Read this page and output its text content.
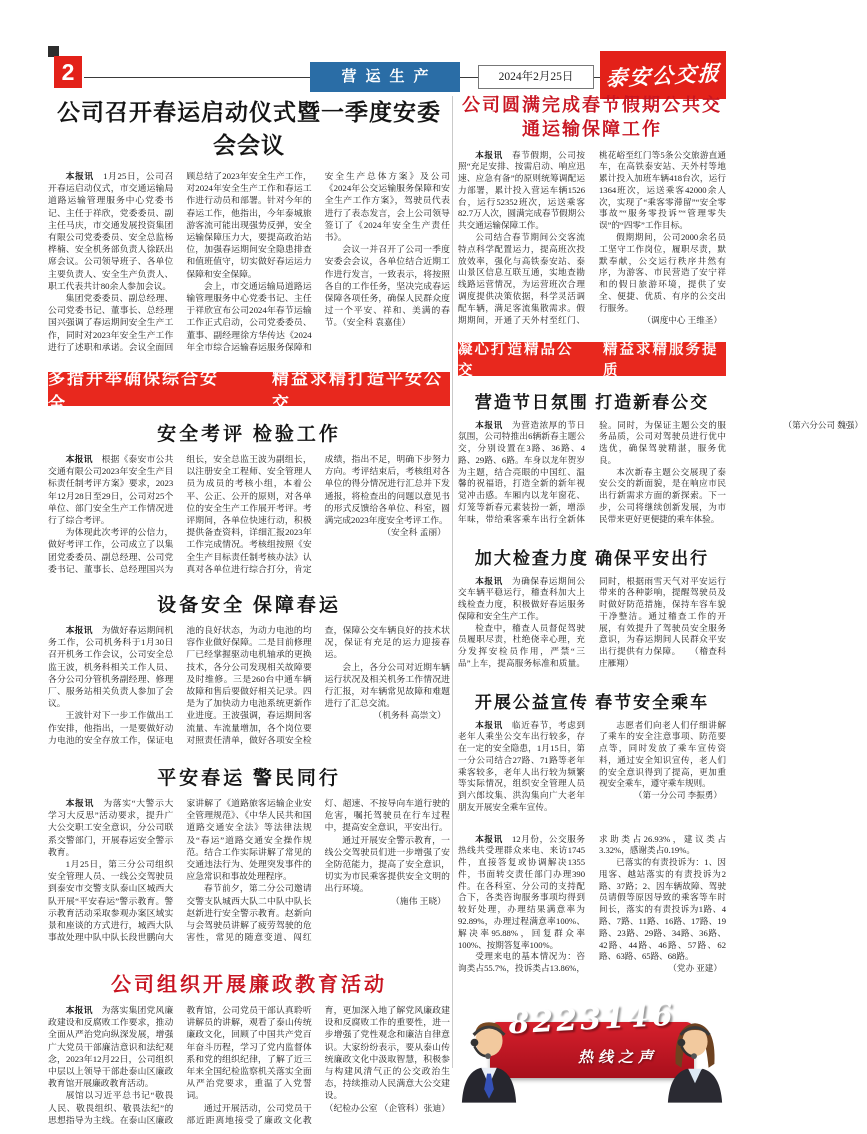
2	营运生产	2024年2月25日	泰安公交报
公司召开春运启动仪式暨一季度安委会会议

本报讯　1月25日，公司召开春运启动仪式，市交通运输局道路运输管理服务中心党委书记、主任于祥欣，党委委员、副主任马庆，市交通发展投资集团有限公司党委委员、安全总监杨桦楠、安全机务部负责人徐跃出席会议。公司领导班子、各单位主要负责人、安全生产负责人、职工代表共计80余人参加会议。

集团党委委员、副总经理、公司党委书记、董事长、总经理国兴强调了春运期间安全生产工作，同时对2023年安全生产工作进行了述职和承诺。会议全面回顾总结了2023年安全生产工作，对2024年安全生产工作和春运工作进行动员和部署。针对今年的春运工作，他指出，今年泰城旅游客流可能出现强势反弹，安全运输保障压力大，要提高政治站位，加强春运期间安全隐患排查和值班值守，切实做好春运运力保障和安全保障。

会上，市交通运输局道路运输管理服务中心党委书记、主任于祥欣宣布公司2024年春节运输工作正式启动，公司党委委员、董事、副经理徐方华传达《2024年全市综合运输春运服务保障和安全生产总体方案》及公司《2024年公交运输服务保障和安全生产工作方案》，驾驶员代表进行了表态发言，会上公司领导签订了《2024年安全生产责任书》。

会议一并召开了公司一季度安委会会议，各单位结合近期工作进行发言，一致表示，将按照各自的工作任务，坚决完成春运保障各项任务，确保人民群众度过一个平安、祥和、美满的春节。（安全科 袁嘉佳）

多措并举确保综合安全
精益求精打造平安公交
安全考评 检验工作

本报讯　根据《泰安市公共交通有限公司2023年安全生产目标责任制考评方案》要求，2023年12月28日至29日，公司对25个单位、部门安全生产工作情况进行了综合考评。

为体现此次考评的公信力，做好考评工作，公司成立了以集团党委委员、副总经理、公司党委书记、董事长、总经理国兴为组长，安全总监王波为副组长，以注册安全工程师、安全管理人员为成员的考核小组，本着公平、公正、公开的原则，对各单位的安全生产工作展开考评。考评期间，各单位快速行动，积极提供备查资料，详细汇报2023年工作完成情况。考核组按照《安全生产目标责任制考核办法》认真对各单位进行综合打分，肯定成绩，指出不足，明确下步努力方向。考评结束后，考核组对各单位的得分情况进行汇总并下发通报，将检查出的问题以意见书的形式反馈给各单位、科室，圆满完成2023年度安全考评工作。

（安全科 孟丽）

设备安全 保障春运

本报讯　为做好春运期间机务工作，公司机务科于1月30日召开机务工作会议，公司安全总监王波，机务科相关工作人员、各分公司分管机务副经理、修理厂、服务站相关负责人参加了会议。

王波针对下一步工作做出工作安排，他指出，一是要做好动力电池的安全存放工作，保证电池的良好状态，为动力电池的均容作业做好保障。二是目前修理厂已经掌握驱动电机轴承的更换技术，各分公司发现相关故障要及时维修。三是260台中通车辆故障和售后要做好相关记录。四是为了加快动力电池系统更新作业进度。王波强调，春运期间客流量、车流量增加，各个岗位要对照责任清单，做好各项安全检查，保障公交车辆良好的技术状况，保证有充足的运力迎接春运。

会上，各分公司对近期车辆运行状况及相关机务工作情况进行汇报，对车辆常见故障和难题进行了汇总交流。

（机务科 高崇文）

平安春运 警民同行

本报讯　为落实“大警示大学习大反思”活动要求，提升广大公交职工安全意识，分公司联系交警部门，开展春运安全警示教育。

1月25日，第三分公司组织安全管理人员、一线公交驾驶员到泰安市交警支队泰山区城西大队开展“平安春运”警示教育。警示教育活动采取参观办案区域实景和座谈的方式进行，城西大队事故处理中队中队长段世鹏向大家讲解了《道路旅客运输企业安全管理规范》、《中华人民共和国道路交通安全法》等法律法规及“春运”道路交通安全操作规范。结合工作实际讲解了常见的交通违法行为、处理突发事件的应急常识和事故处理程序。

春节前夕，第二分公司邀请交警支队城西大队二中队中队长赵新进行安全警示教育。赵新向与会驾驶员讲解了疲劳驾驶的危害性，常见的随意变道、闯红灯、超速、不按导向车道行驶的危害，嘱托驾驶员在行车过程中，提高安全意识，平安出行。

通过开展安全警示教育，一线公交驾驶员们进一步增强了安全防范能力，提高了安全意识，切实为市民乘客提供安全文明的出行环境。

（施伟 王晓）

公司组织开展廉政教育活动

本报讯　为落实集团党风廉政建设和反腐败工作要求，推动全面从严治党向纵深发展，增强广大党员干部廉洁意识和法纪观念，2023年12月22日，公司组织中层以上领导干部赴泰山区廉政教育馆开展廉政教育活动。

展馆以习近平总书记“敬畏人民、敬畏组织、敬畏法纪”的思想指导为主线。在泰山区廉政教育馆，公司党员干部认真聆听讲解员的讲解，观看了泰山传统廉政文化，回顾了中国共产党百年奋斗历程，学习了党内监督体系和党的组织纪律，了解了近三年来全国纪检监察机关落实全面从严治党要求，重温了入党誓词。

通过开展活动，公司党员干部近距离地接受了廉政文化教育，更加深入地了解党风廉政建设和反腐败工作的重要性，进一步增强了党性观念和廉洁自律意识。大家纷纷表示，要从泰山传统廉政文化中汲取智慧，积极参与构建风清气正的公交政治生态，持续推动人民满意大公交建设。

（纪检办公室 （企管科）张迪）

公司圆满完成春节假期公共交通运输保障工作

本报讯　春节假期，公司按照“充足安排、按需启动、响应迅速、应急有备”的原则统筹调配运力部署，累计投入营运车辆1526台，运行52352班次，运送乘客82.7万人次，圆满完成春节假期公共交通运输保障工作。

公司结合春节期间公交客流特点科学配置运力，提高班次投放效率，强化与高铁泰安站、泰山景区信息互联互通，实地查勘线路运营情况，为运营班次合理调度提供决策依据，科学灵活调配车辆，满足客流集散需求。假期期间，开通了天外村至红门、桃花峪至红门等5条公交旅游直通车，在高铁泰安站、天外村等地累计投入加班车辆418台次，运行1364班次，运送乘客42000余人次，实现了“乘客零滞留”“安全零事故”“服务零投诉”“管理零失误”的“四零”工作目标。

假期期间，公司2000余名员工坚守工作岗位，履职尽责，默默奉献，公交运行秩序井然有序，为游客、市民营造了安宁祥和的假日旅游环境，提供了安全、便捷、优质、有序的公交出行服务。

（调度中心 王维圣）

凝心打造精品公交
精益求精服务提质
营造节日氛围 打造新春公交

本报讯　为营造浓厚的节日氛围，公司特推出6辆新春主题公交，分别设置在3路、36路、4路、29路、6路。车身以龙年贺岁为主题，结合亮眼的中国红、温馨的祝福语，打造全新的新年视觉冲击感。车厢内以龙年窗花、灯笼等新春元素装扮一新，增添年味，带给乘客乘车出行全新体验。同时，为保证主题公交的服务品质，公司对驾驶员进行优中选优，确保驾驶精湛，服务优良。

本次新春主题公交展现了泰安公交的新面貌，是在响应市民出行新需求方面的新探索。下一步，公司将继续创新发展，为市民带来更好更便捷的乘车体验。

（第六分公司 魏强）

加大检查力度 确保平安出行

本报讯　为确保春运期间公交车辆平稳运行，稽查科加大上线检查力度，积极做好春运服务保障和安全生产工作。

检查中，稽查人员督促驾驶员履职尽责，杜绝侥幸心理，充分发挥安检员作用，严禁“三品”上车，提高服务标准和质量。同时，根据雨雪天气对平安运行带来的各种影响，提醒驾驶员及时做好防范措施，保持车容车貌干净整洁。通过稽查工作的开展，有效提升了驾驶员安全服务意识，为春运期间人民群众平安出行提供有力保障。　　（稽查科 庄雁翔）

开展公益宣传 春节安全乘车

本报讯　临近春节，考虑到老年人乘坐公交车出行较多，存在一定的安全隐患，1月15日，第一分公司结合27路、71路等老年乘客较多，老年人出行较为频繁等实际情况，组织安全管理人员到六郎坟集、洪沟集向广大老年朋友开展安全乘车宣传。

志愿者们向老人们仔细讲解了乘车的安全注意事项、防范要点等，同时发放了乘车宣传资料，通过安全知识宣传，老人们的安全意识得到了提高，更加重视安全乘车，遵守乘车规则。

（第一分公司 李振勇）

本报讯　12月份，公交服务热线共受理群众来电、来访1745件，直接答复或协调解决1355件，书面转交责任部门办理390件。在各科室、分公司的支持配合下，各类咨询服务事项均得到较好处理，办理结果满意率为92.89%，办理过程满意率100%、解决率95.88%，回复群众率100%、按期答复率100%。

受理来电的基本情况为：咨询类占55.7%，投诉类占13.86%，求助类占26.93%，建议类占3.32%，感谢类占0.19%。

已落实的有责投诉为：1、因甩客、越站落实的有责投诉为2路、37路；2、因车辆故障、驾驶员请假等原因导致的乘客等车时间长，落实的有责投诉为1路、4路、7路、11路、16路、17路、19路、23路、29路、34路、36路、42路、44路、46路、57路、62路、63路、65路、68路。

（党办 亚建）

8223146
热线之声
